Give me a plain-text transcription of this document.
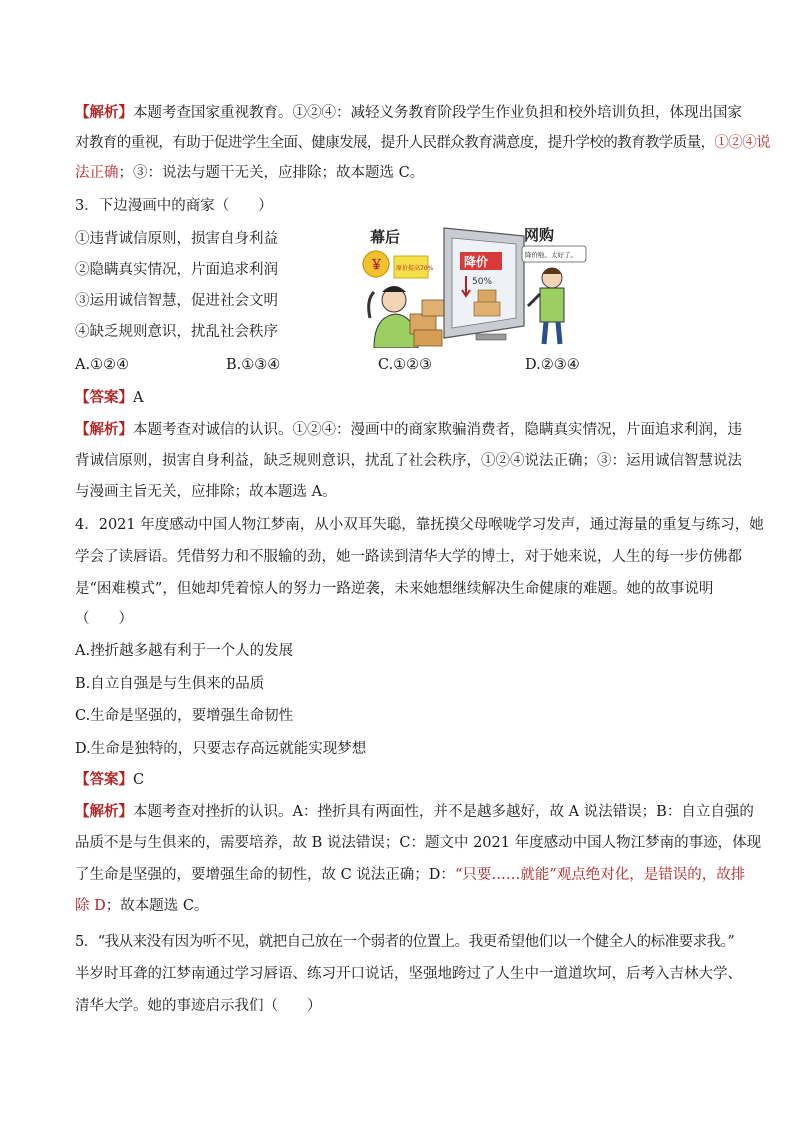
【解析】本题考查国家重视教育。①②④：减轻义务教育阶段学生作业负担和校外培训负担，体现出国家
对教育的重视，有助于促进学生全面、健康发展，提升人民群众教育满意度，提升学校的教育教学质量，①②④说
法正确；③：说法与题干无关，应排除；故本题选 C。
3．下边漫画中的商家（　　）
①违背诚信原则，损害自身利益
②隐瞒真实情况，片面追求利润
③运用诚信智慧，促进社会文明
④缺乏规则意识，扰乱社会秩序
幕后	网购
￥ 原价提高70%	降价
50%
降价啦。太好了。
A.①②④	B.①③④	C.①②③	D.②③④
【答案】A
【解析】本题考查对诚信的认识。①②④：漫画中的商家欺骗消费者，隐瞒真实情况，片面追求利润，违
背诚信原则，损害自身利益，缺乏规则意识，扰乱了社会秩序，①②④说法正确；③：运用诚信智慧说法
与漫画主旨无关，应排除；故本题选 A。
4．2021 年度感动中国人物江梦南，从小双耳失聪，靠抚摸父母喉咙学习发声，通过海量的重复与练习，她
学会了读唇语。凭借努力和不服输的劲，她一路读到清华大学的博士，对于她来说，人生的每一步仿佛都
是“困难模式”，但她却凭着惊人的努力一路逆袭，未来她想继续解决生命健康的难题。她的故事说明
（　　）
A.挫折越多越有利于一个人的发展
B.自立自强是与生俱来的品质
C.生命是坚强的，要增强生命韧性
D.生命是独特的，只要志存高远就能实现梦想
【答案】C
【解析】本题考查对挫折的认识。A：挫折具有两面性，并不是越多越好，故 A 说法错误；B：自立自强的
品质不是与生俱来的，需要培养，故 B 说法错误；C：题文中 2021 年度感动中国人物江梦南的事迹，体现
了生命是坚强的，要增强生命的韧性，故 C 说法正确；D：“只要……就能”观点绝对化，是错误的，故排
除 D；故本题选 C。
5．“我从来没有因为听不见，就把自己放在一个弱者的位置上。我更希望他们以一个健全人的标准要求我。”
半岁时耳聋的江梦南通过学习唇语、练习开口说话，坚强地跨过了人生中一道道坎坷，后考入吉林大学、
清华大学。她的事迹启示我们（　　）
